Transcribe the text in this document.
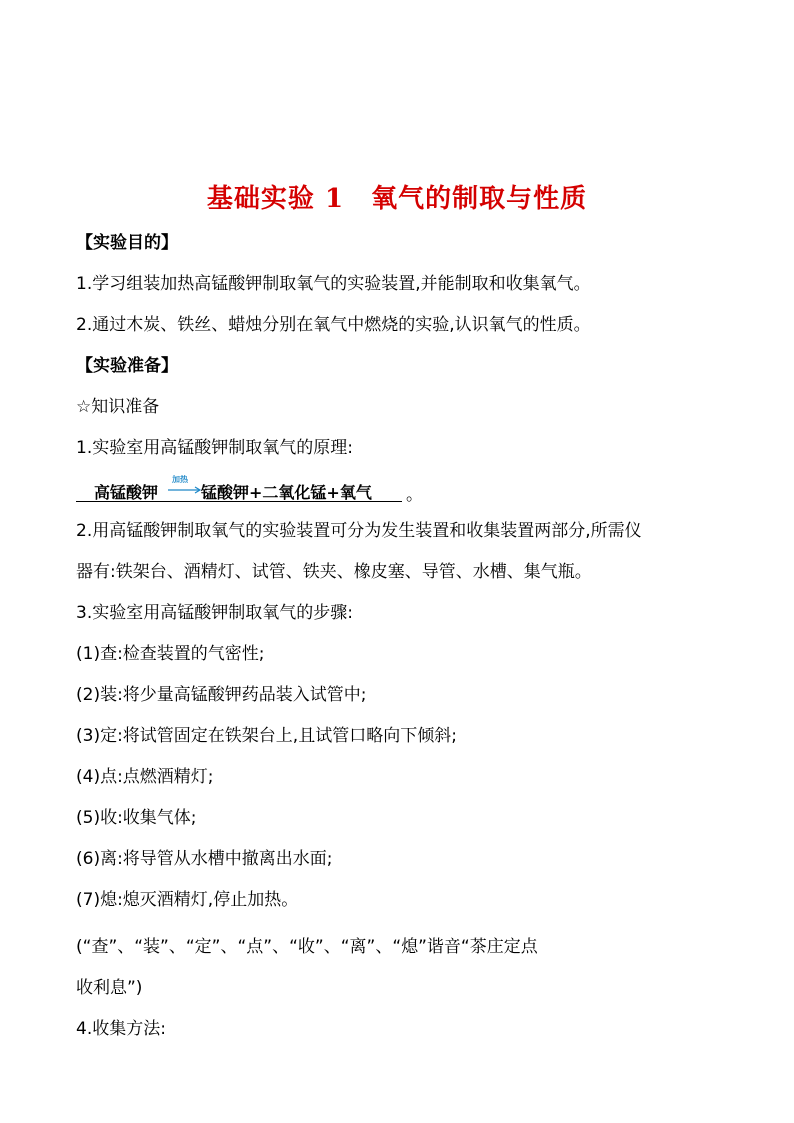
基础实验 1　氧气的制取与性质
【实验目的】
1.学习组装加热高锰酸钾制取氧气的实验装置,并能制取和收集氧气。
2.通过木炭、铁丝、蜡烛分别在氧气中燃烧的实验,认识氧气的性质。
【实验准备】
☆知识准备
1.实验室用高锰酸钾制取氧气的原理:
高锰酸钾
加热
→ 锰酸钾+二氧化锰+氧气 。
2.用高锰酸钾制取氧气的实验装置可分为发生装置和收集装置两部分,所需仪
器有:铁架台、酒精灯、试管、铁夹、橡皮塞、导管、水槽、集气瓶。
3.实验室用高锰酸钾制取氧气的步骤:
(1)查:检查装置的气密性;
(2)装:将少量高锰酸钾药品装入试管中;
(3)定:将试管固定在铁架台上,且试管口略向下倾斜;
(4)点:点燃酒精灯;
(5)收:收集气体;
(6)离:将导管从水槽中撤离出水面;
(7)熄:熄灭酒精灯,停止加热。
(“查”、“装”、“定”、“点”、“收”、“离”、“熄”谐音“茶庄定点
收利息”)
4.收集方法:
